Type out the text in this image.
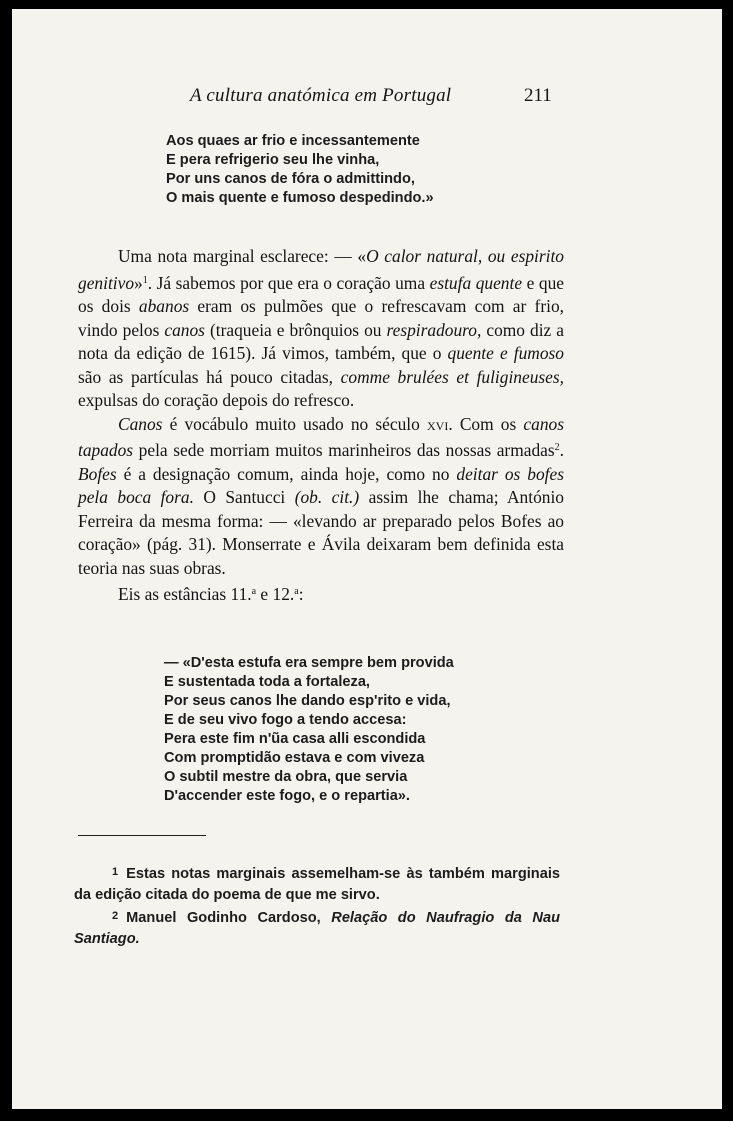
A cultura anatómica em Portugal	211
Aos quaes ar frio e incessantemente
E pera refrigerio seu lhe vinha,
Por uns canos de fóra o admittindo,
O mais quente e fumoso despedindo.»
Uma nota marginal esclarece: — «O calor natural, ou espirito genitivo»$^1$. Já sabemos por que era o coração uma estufa quente e que os dois abanos eram os pulmões que o refrescavam com ar frio, vindo pelos canos (traqueia e brônquios ou respiradouro, como diz a nota da edição de 1615). Já vimos, também, que o quente e fumoso são as partículas há pouco citadas, comme brulées et fuligineuses, expulsas do coração depois do refresco.
Canos é vocábulo muito usado no século xvi. Com os canos tapados pela sede morriam muitos marinheiros das nossas armadas$^2$. Bofes é a designação comum, ainda hoje, como no deitar os bofes pela boca fora. O Santucci (ob. cit.) assim lhe chama; António Ferreira da mesma forma: — «levando ar preparado pelos Bofes ao coração» (pág. 31). Monserrate e Ávila deixaram bem definida esta teoria nas suas obras.
Eis as estâncias 11.$^a$ e 12.$^a$:
— «D'esta estufa era sempre bem provida
E sustentada toda a fortaleza,
Por seus canos lhe dando esp'rito e vida,
E de seu vivo fogo a tendo accesa:
Pera este fim n'ũa casa alli escondida
Com promptidão estava e com viveza
O subtil mestre da obra, que servia
D'accender este fogo, e o repartia».
$^1$ Estas notas marginais assemelham-se às também marginais da edição citada do poema de que me sirvo.
$^2$ Manuel Godinho Cardoso, Relação do Naufragio da Nau Santiago.
